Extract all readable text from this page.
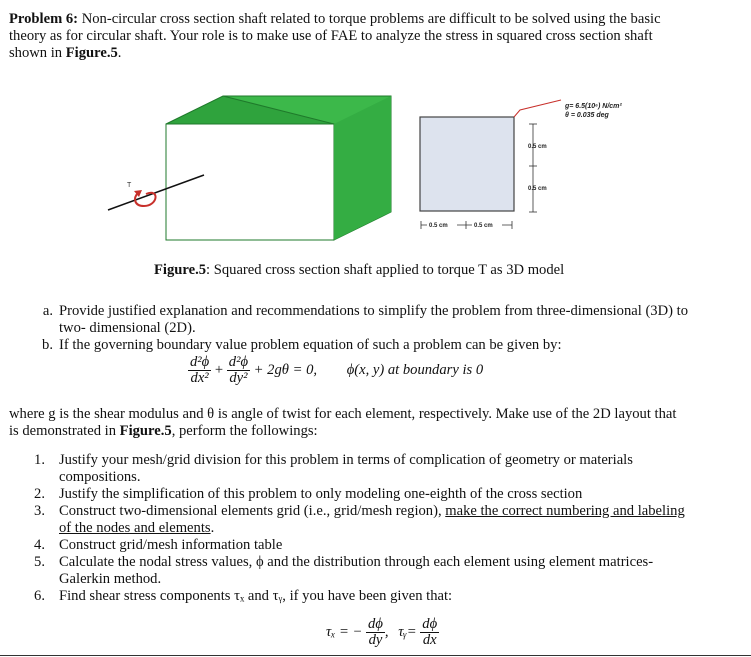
Problem 6: Non-circular cross section shaft related to torque problems are difficult to be solved using the basic
theory as for circular shaft. Your role is to make use of FAE to analyze the stress in squared cross section shaft
shown in Figure.5.
T
g= 6.5(10⁶) N/cm²
θ = 0.035 deg
0.5 cm
0.5 cm
0.5 cm	0.5 cm
Figure.5: Squared cross section shaft applied to torque T as 3D model
a. Provide justified explanation and recommendations to simplify the problem from three-dimensional (3D) to
two- dimensional (2D).
b. If the governing boundary value problem equation of such a problem can be given by:
$\frac{\text{d²ϕ}}{\text{dx²}} + \frac{\text{d²ϕ}}{\text{dy²}} + 2g\theta = 0$, ϕ(x, y) at boundary is 0
where g is the shear modulus and θ is angle of twist for each element, respectively. Make use of the 2D layout that
is demonstrated in Figure.5, perform the followings:
1. Justify your mesh/grid division for this problem in terms of complication of geometry or materials
compositions.
2. Justify the simplification of this problem to only modeling one-eighth of the cross section
3. Construct two-dimensional elements grid (i.e., grid/mesh region), make the correct numbering and labeling
of the nodes and elements.
4. Construct grid/mesh information table
5. Calculate the nodal stress values, ϕ and the distribution through each element using element matrices-
Galerkin method.
6. Find shear stress components τₓ and τᵧ, if you have been given that:
τₓ = − $\frac{d\phi}{dy}$ , τᵧ= $\frac{d\phi}{dx}$
